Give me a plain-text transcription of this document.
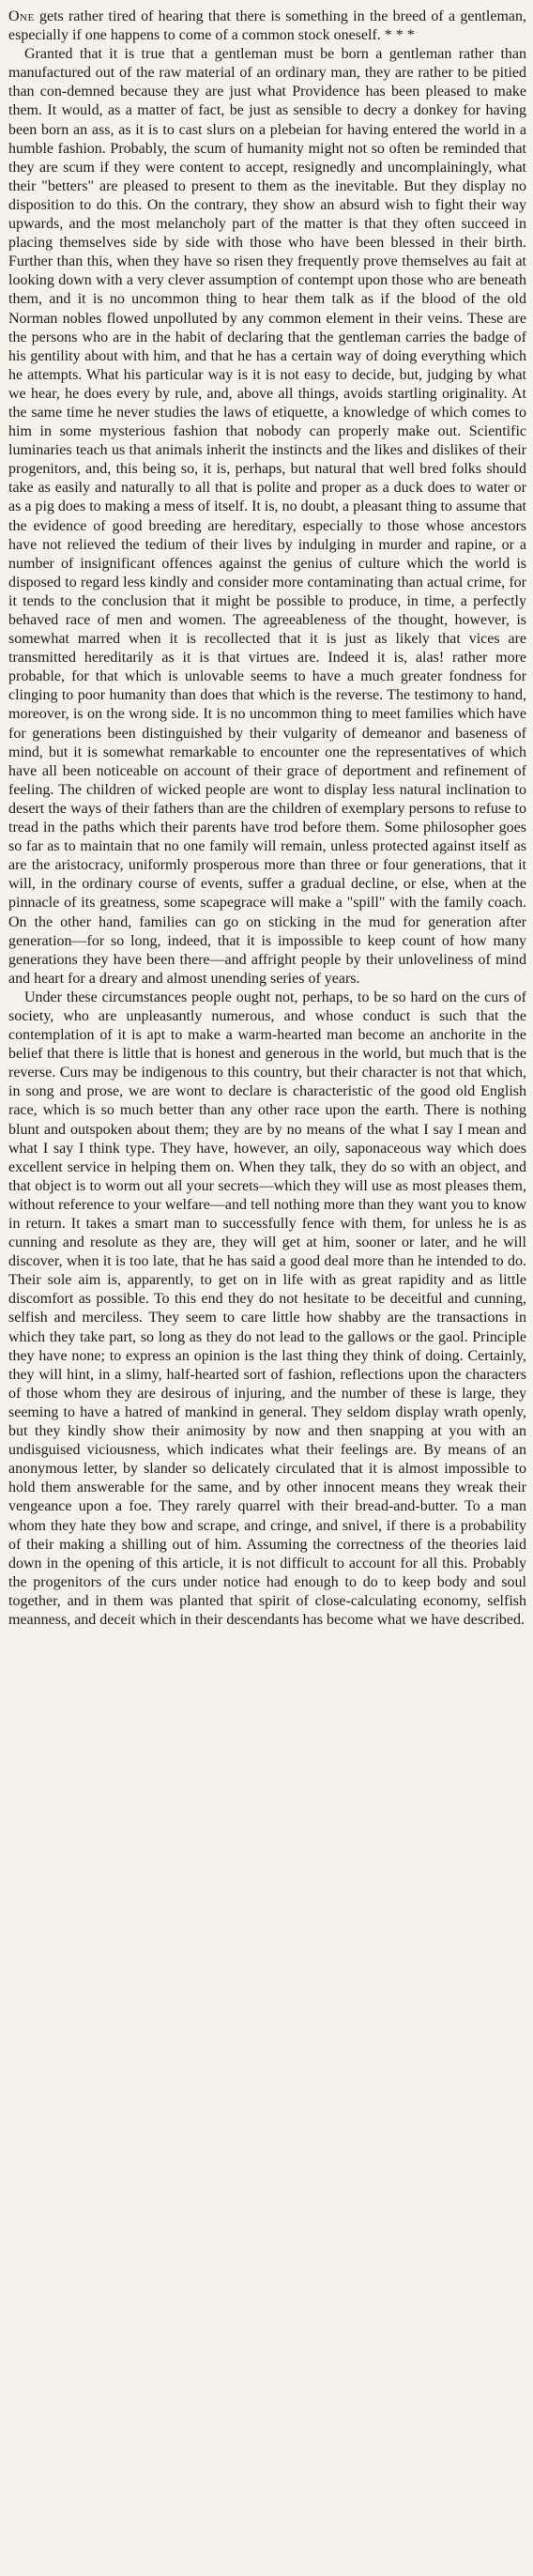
One gets rather tired of hearing that there is something in the breed of a gentleman, especially if one happens to come of a common stock oneself. * * *

Granted that it is true that a gentleman must be born a gentleman rather than manufactured out of the raw material of an ordinary man, they are rather to be pitied than con-demned because they are just what Providence has been pleased to make them. It would, as a matter of fact, be just as sensible to decry a donkey for having been born an ass, as it is to cast slurs on a plebeian for having entered the world in a humble fashion. Probably, the scum of humanity might not so often be reminded that they are scum if they were content to accept, resignedly and uncomplainingly, what their "betters" are pleased to present to them as the inevitable. But they display no disposition to do this. On the contrary, they show an absurd wish to fight their way upwards, and the most melancholy part of the matter is that they often succeed in placing themselves side by side with those who have been blessed in their birth. Further than this, when they have so risen they frequently prove themselves au fait at looking down with a very clever assumption of contempt upon those who are beneath them, and it is no uncommon thing to hear them talk as if the blood of the old Norman nobles flowed unpolluted by any common element in their veins. These are the persons who are in the habit of declaring that the gentleman carries the badge of his gentility about with him, and that he has a certain way of doing everything which he attempts. What his particular way is it is not easy to decide, but, judging by what we hear, he does every by rule, and, above all things, avoids startling originality. At the same time he never studies the laws of etiquette, a knowledge of which comes to him in some mysterious fashion that nobody can properly make out. Scientific luminaries teach us that animals inherit the instincts and the likes and dislikes of their progenitors, and, this being so, it is, perhaps, but natural that well bred folks should take as easily and naturally to all that is polite and proper as a duck does to water or as a pig does to making a mess of itself. It is, no doubt, a pleasant thing to assume that the evidence of good breeding are hereditary, especially to those whose ancestors have not relieved the tedium of their lives by indulging in murder and rapine, or a number of insignificant offences against the genius of culture which the world is disposed to regard less kindly and consider more contaminating than actual crime, for it tends to the conclusion that it might be possible to produce, in time, a perfectly behaved race of men and women. The agreeableness of the thought, however, is somewhat marred when it is recollected that it is just as likely that vices are transmitted hereditarily as it is that virtues are. Indeed it is, alas! rather more probable, for that which is unlovable seems to have a much greater fondness for clinging to poor humanity than does that which is the reverse. The testimony to hand, moreover, is on the wrong side. It is no uncommon thing to meet families which have for generations been distinguished by their vulgarity of demeanor and baseness of mind, but it is somewhat remarkable to encounter one the representatives of which have all been noticeable on account of their grace of deportment and refinement of feeling. The children of wicked people are wont to display less natural inclination to desert the ways of their fathers than are the children of exemplary persons to refuse to tread in the paths which their parents have trod before them. Some philosopher goes so far as to maintain that no one family will remain, unless protected against itself as are the aristocracy, uniformly prosperous more than three or four generations, that it will, in the ordinary course of events, suffer a gradual decline, or else, when at the pinnacle of its greatness, some scapegrace will make a "spill" with the family coach. On the other hand, families can go on sticking in the mud for generation after generation—for so long, indeed, that it is impossible to keep count of how many generations they have been there—and affright people by their unloveliness of mind and heart for a dreary and almost unending series of years.

Under these circumstances people ought not, perhaps, to be so hard on the curs of society, who are unpleasantly numerous, and whose conduct is such that the contemplation of it is apt to make a warm-hearted man become an anchorite in the belief that there is little that is honest and generous in the world, but much that is the reverse. Curs may be indigenous to this country, but their character is not that which, in song and prose, we are wont to declare is characteristic of the good old English race, which is so much better than any other race upon the earth. There is nothing blunt and outspoken about them; they are by no means of the what I say I mean and what I say I think type. They have, however, an oily, saponaceous way which does excellent service in helping them on. When they talk, they do so with an object, and that object is to worm out all your secrets—which they will use as most pleases them, without reference to your welfare—and tell nothing more than they want you to know in return. It takes a smart man to successfully fence with them, for unless he is as cunning and resolute as they are, they will get at him, sooner or later, and he will discover, when it is too late, that he has said a good deal more than he intended to do. Their sole aim is, apparently, to get on in life with as great rapidity and as little discomfort as possible. To this end they do not hesitate to be deceitful and cunning, selfish and merciless. They seem to care little how shabby are the transactions in which they take part, so long as they do not lead to the gallows or the gaol. Principle they have none; to express an opinion is the last thing they think of doing. Certainly, they will hint, in a slimy, half-hearted sort of fashion, reflections upon the characters of those whom they are desirous of injuring, and the number of these is large, they seeming to have a hatred of mankind in general. They seldom display wrath openly, but they kindly show their animosity by now and then snapping at you with an undisguised viciousness, which indicates what their feelings are. By means of an anonymous letter, by slander so delicately circulated that it is almost impossible to hold them answerable for the same, and by other innocent means they wreak their vengeance upon a foe. They rarely quarrel with their bread-and-butter. To a man whom they hate they bow and scrape, and cringe, and snivel, if there is a probability of their making a shilling out of him. Assuming the correctness of the theories laid down in the opening of this article, it is not difficult to account for all this. Probably the progenitors of the curs under notice had enough to do to keep body and soul together, and in them was planted that spirit of close-calculating economy, selfish meanness, and deceit which in their descendants has become what we have described.
